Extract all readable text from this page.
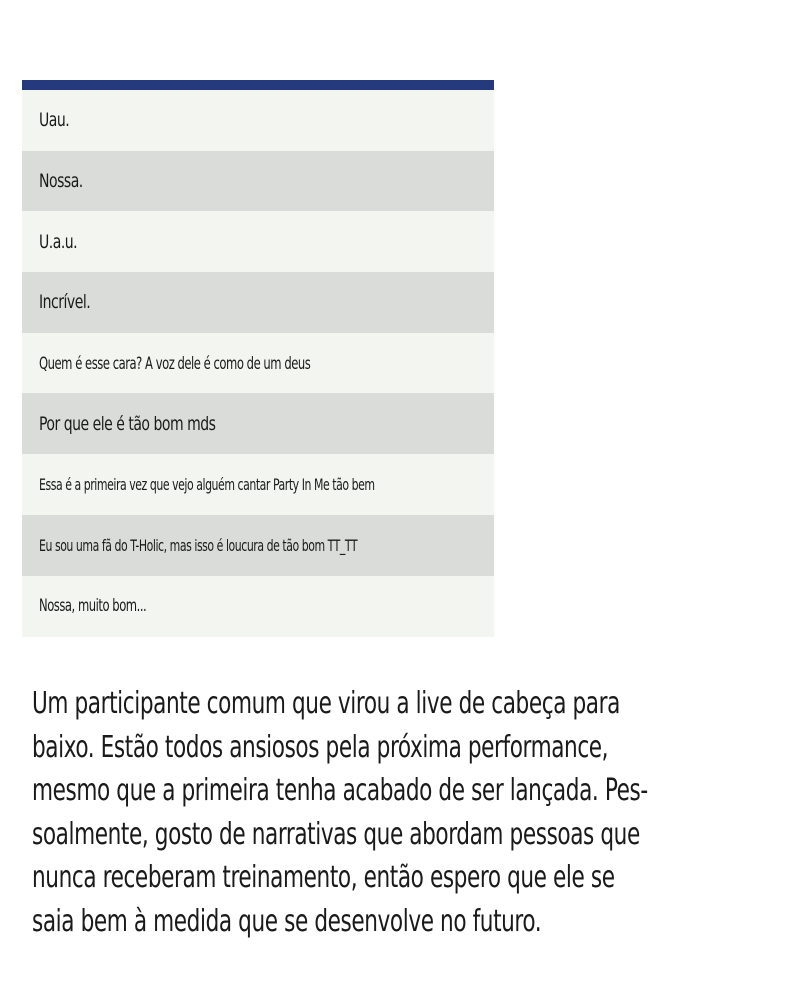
Uau.
Nossa.
U.a.u.
Incrível.
Quem é esse cara? A voz dele é como de um deus
Por que ele é tão bom mds
Essa é a primeira vez que vejo alguém cantar Party In Me tão bem
Eu sou uma fã do T-Holic, mas isso é loucura de tão bom TT_TT
Nossa, muito bom...

Um participante comum que virou a live de cabeça para
baixo. Estão todos ansiosos pela próxima performance,
mesmo que a primeira tenha acabado de ser lançada. Pes-
soalmente, gosto de narrativas que abordam pessoas que
nunca receberam treinamento, então espero que ele se
saia bem à medida que se desenvolve no futuro.
